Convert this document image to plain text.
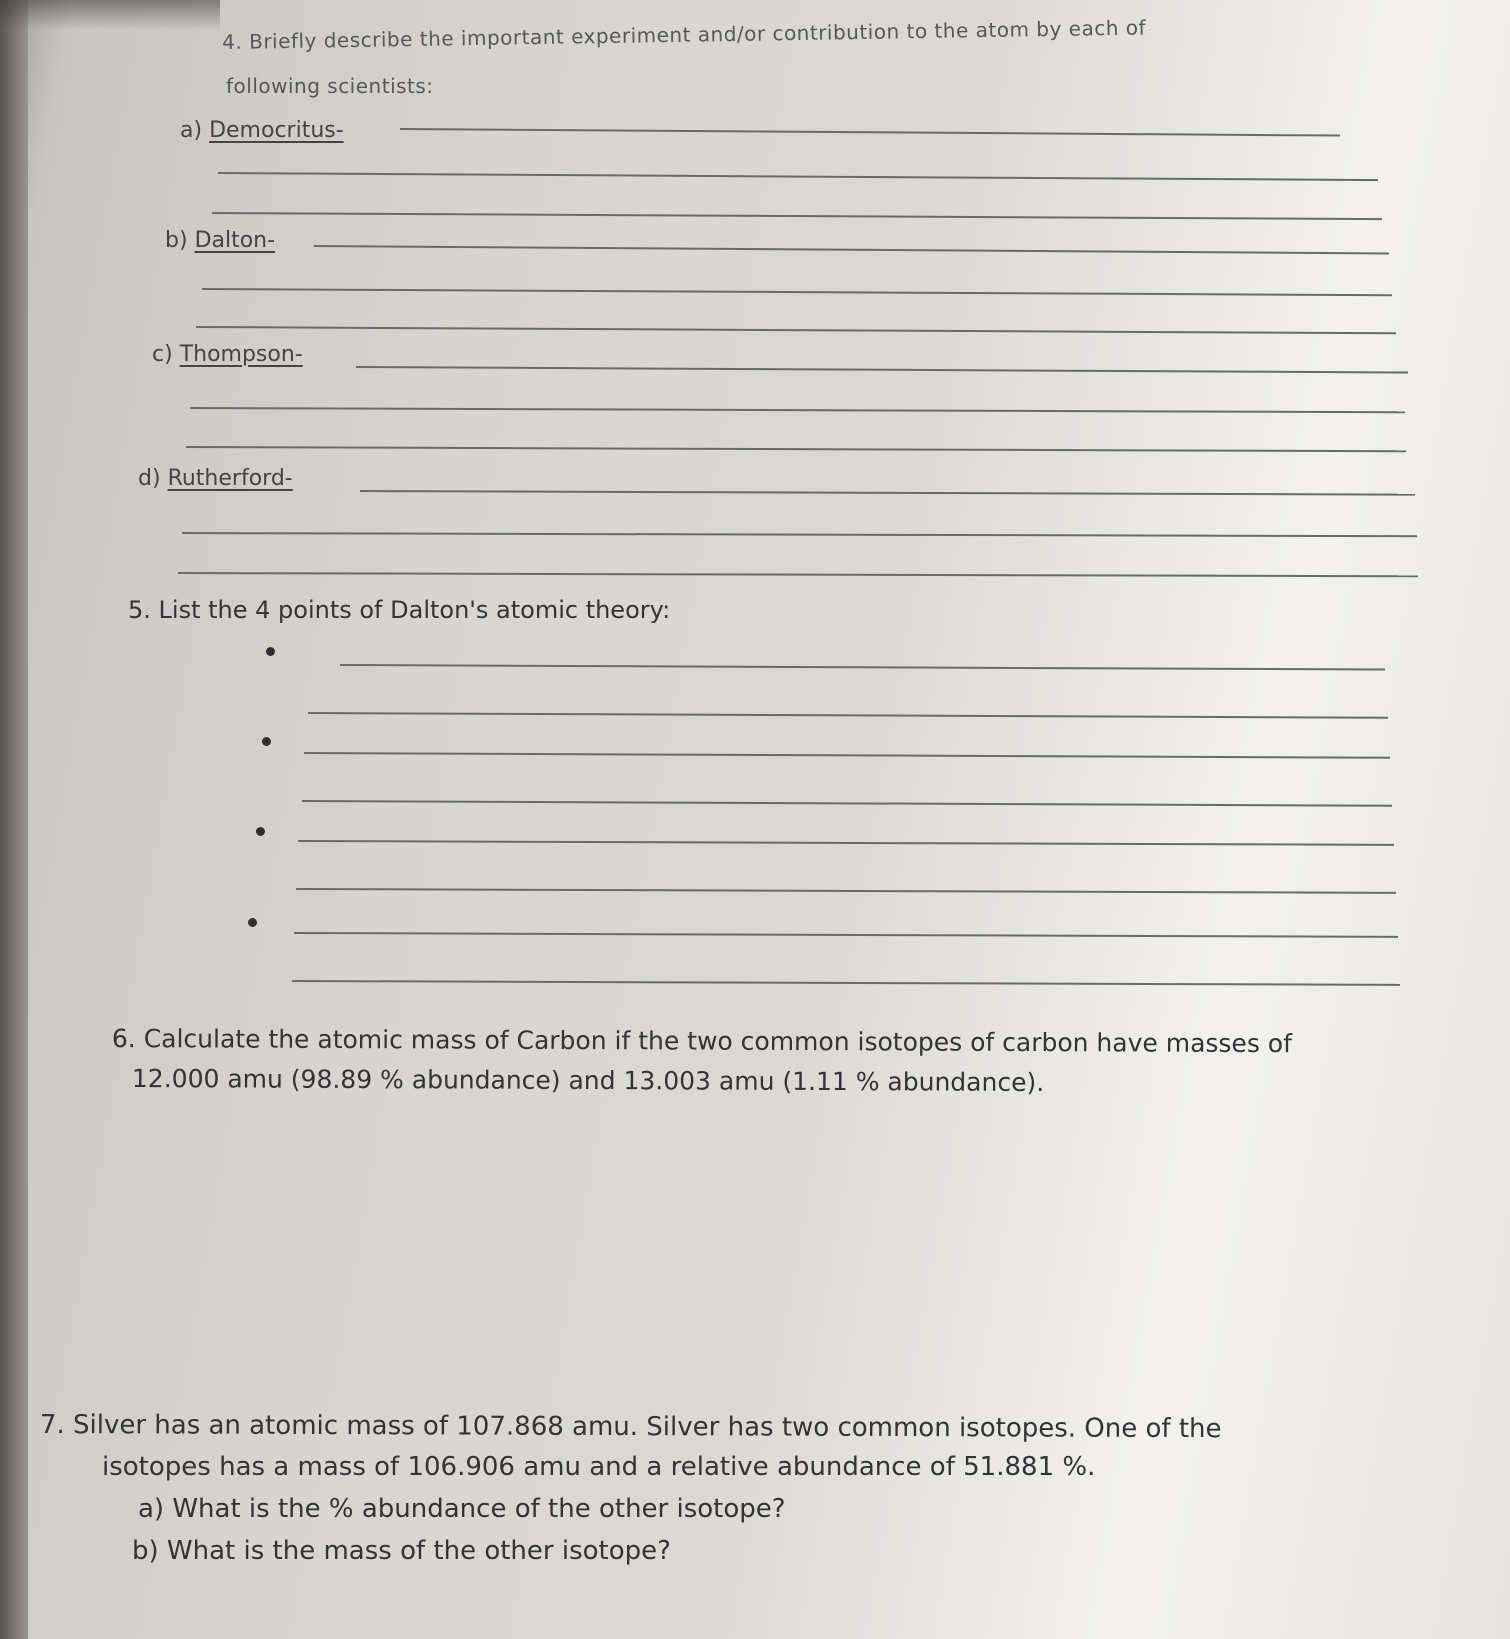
4. Briefly describe the important experiment and/or contribution to the atom by each of
following scientists:
a) Democritus-
b) Dalton-
c) Thompson-
d) Rutherford-
5. List the 4 points of Dalton's atomic theory:
6. Calculate the atomic mass of Carbon if the two common isotopes of carbon have masses of
12.000 amu (98.89 % abundance) and 13.003 amu (1.11 % abundance).
7. Silver has an atomic mass of 107.868 amu. Silver has two common isotopes. One of the
isotopes has a mass of 106.906 amu and a relative abundance of 51.881 %.
a) What is the % abundance of the other isotope?
b) What is the mass of the other isotope?
